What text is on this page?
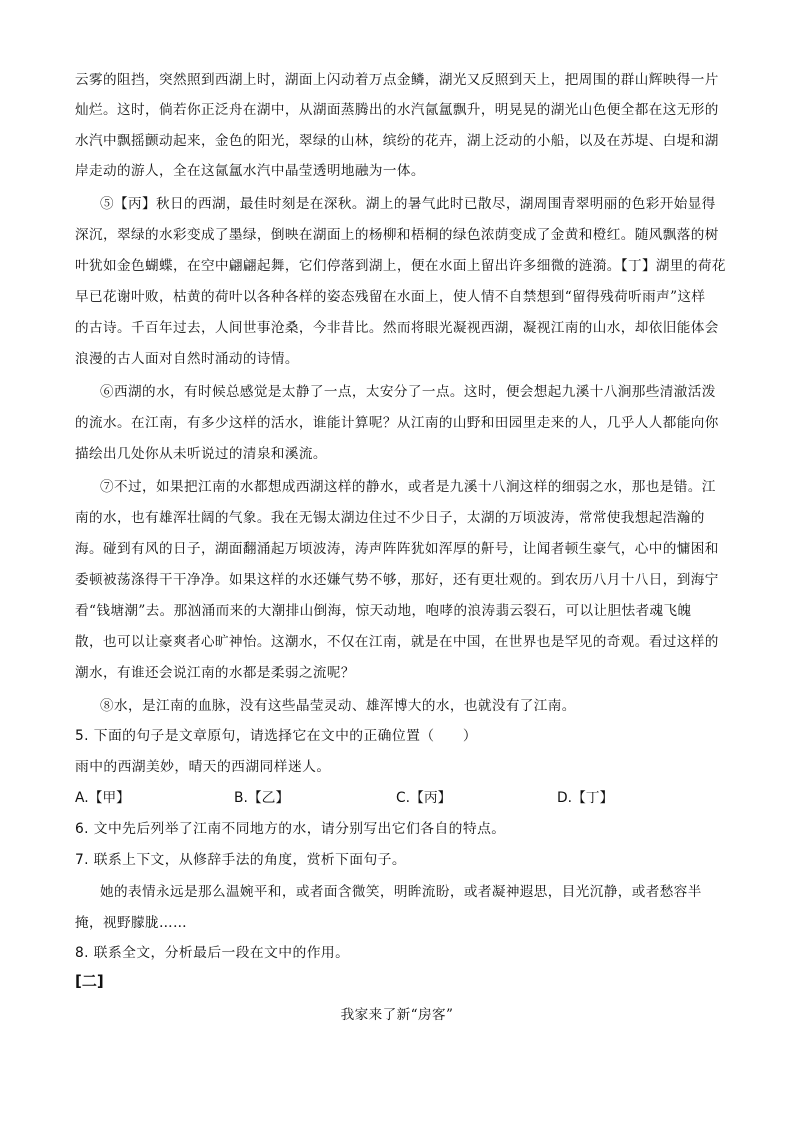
云雾的阻挡，突然照到西湖上时，湖面上闪动着万点金鳞，湖光又反照到天上，把周围的群山辉映得一片
灿烂。这时，倘若你正泛舟在湖中，从湖面蒸腾出的水汽氤氲飘升，明晃晃的湖光山色便全都在这无形的
水汽中飘摇颤动起来，金色的阳光，翠绿的山林，缤纷的花卉，湖上泛动的小船，以及在苏堤、白堤和湖
岸走动的游人，全在这氤氲水汽中晶莹透明地融为一体。
⑤【丙】秋日的西湖，最佳时刻是在深秋。湖上的暑气此时已散尽，湖周围青翠明丽的色彩开始显得
深沉，翠绿的水彩变成了墨绿，倒映在湖面上的杨柳和梧桐的绿色浓荫变成了金黄和橙红。随风飘落的树
叶犹如金色蝴蝶，在空中翩翩起舞，它们停落到湖上，便在水面上留出许多细微的涟漪。【丁】湖里的荷花
早已花谢叶败，枯黄的荷叶以各种各样的姿态残留在水面上，使人情不自禁想到“留得残荷听雨声”这样
的古诗。千百年过去，人间世事沧桑，今非昔比。然而将眼光凝视西湖，凝视江南的山水，却依旧能体会
浪漫的古人面对自然时涌动的诗情。
⑥西湖的水，有时候总感觉是太静了一点，太安分了一点。这时，便会想起九溪十八涧那些清澈活泼
的流水。在江南，有多少这样的活水，谁能计算呢？从江南的山野和田园里走来的人，几乎人人都能向你
描绘出几处你从未听说过的清泉和溪流。
⑦不过，如果把江南的水都想成西湖这样的静水，或者是九溪十八涧这样的细弱之水，那也是错。江
南的水，也有雄浑壮阔的气象。我在无锡太湖边住过不少日子，太湖的万顷波涛，常常使我想起浩瀚的
海。碰到有风的日子，湖面翻涌起万顷波涛，涛声阵阵犹如浑厚的鼾号，让闻者顿生豪气，心中的慵困和
委顿被荡涤得干干净净。如果这样的水还嫌气势不够，那好，还有更壮观的。到农历八月十八日，到海宁
看“钱塘潮”去。那汹涌而来的大潮排山倒海，惊天动地，咆哮的浪涛翡云裂石，可以让胆怯者魂飞魄
散，也可以让豪爽者心旷神怡。这潮水，不仅在江南，就是在中国，在世界也是罕见的奇观。看过这样的
潮水，有谁还会说江南的水都是柔弱之流呢？
⑧水，是江南的血脉，没有这些晶莹灵动、雄浑博大的水，也就没有了江南。
5. 下面的句子是文章原句，请选择它在文中的正确位置（　　）
雨中的西湖美妙，晴天的西湖同样迷人。
A.【甲】	B.【乙】	C.【丙】	D.【丁】
6. 文中先后列举了江南不同地方的水，请分别写出它们各自的特点。
7. 联系上下文，从修辞手法的角度，赏析下面句子。
她的表情永远是那么温婉平和，或者面含微笑，明眸流盼，或者凝神遐思，目光沉静，或者愁容半
掩，视野朦胧……
8. 联系全文，分析最后一段在文中的作用。
[二]
我家来了新“房客”
